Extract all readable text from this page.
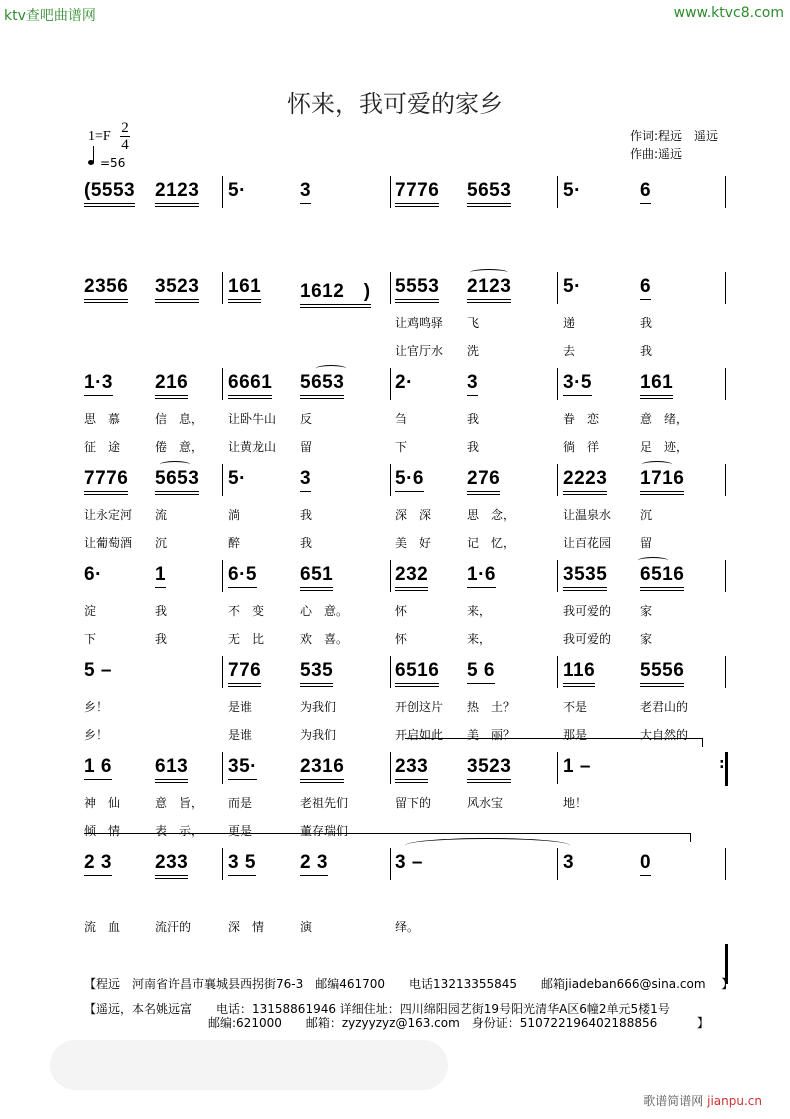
ktv查吧曲谱网	www.ktvc8.com
怀来，我可爱的家乡
1=F
2
4
=56
作词:程远　遥远
作曲:遥远
(5553 2123 5·	3	7776 5653	5·	6
2356 3523 161 1612　) 5553 2123	5·	6
让鸡鸣驿 飞	递	我
让官厅水 洗	去	我
1·3 216 6661 5653	2·	3	3·5	161
思　慕	信　息， 让卧牛山 反	刍	我	眷　恋	意　绪，
征　途	倦　意， 让黄龙山 留	下	我	徜　徉	足　迹，
7776 5653 5·	3	5·6 276	2223 1716
让永定河 流	淌	我	深　深	思　念，	让温泉水 沉
让葡萄酒 沉	醉	我	美　好	记　忆，	让百花园 留
6·	1	6·5 651	232 1·6	3535 6516
淀	我	不　变	心　意。	怀	来，	我可爱的 家
下	我	无　比	欢　喜。	怀	来，	我可爱的 家
5 –	776 535	6516 5 6	116 5556
乡！	是谁	为我们	开创这片 热　土？	不是	老君山的
乡！	是谁	为我们	开启如此 美　丽？	那是	大自然的
1 6 613 35· 2316	233 3523	1 –
神　仙	意　旨， 而是	老祖先们	留下的	风水宝	地！
倾　情	表　示， 更是	董存瑞们
2 3 233 3 5 2 3	3 –	3	0
流　血	流汗的	深　情	演	绎。
:
【程远　河南省许昌市襄城县西拐街76-3　邮编461700　　电话13213355845　　邮箱jiadeban666@sina.com　 】
【遥远，本名姚远富　　电话：13158861946 详细住址：四川绵阳园艺街19号阳光清华A区6幢2单元5楼1号
邮编:621000　　邮箱：zyzyyzyz@163.com　身份证：510722196402188856　　　 】
歌谱简谱网 jianpu.cn
